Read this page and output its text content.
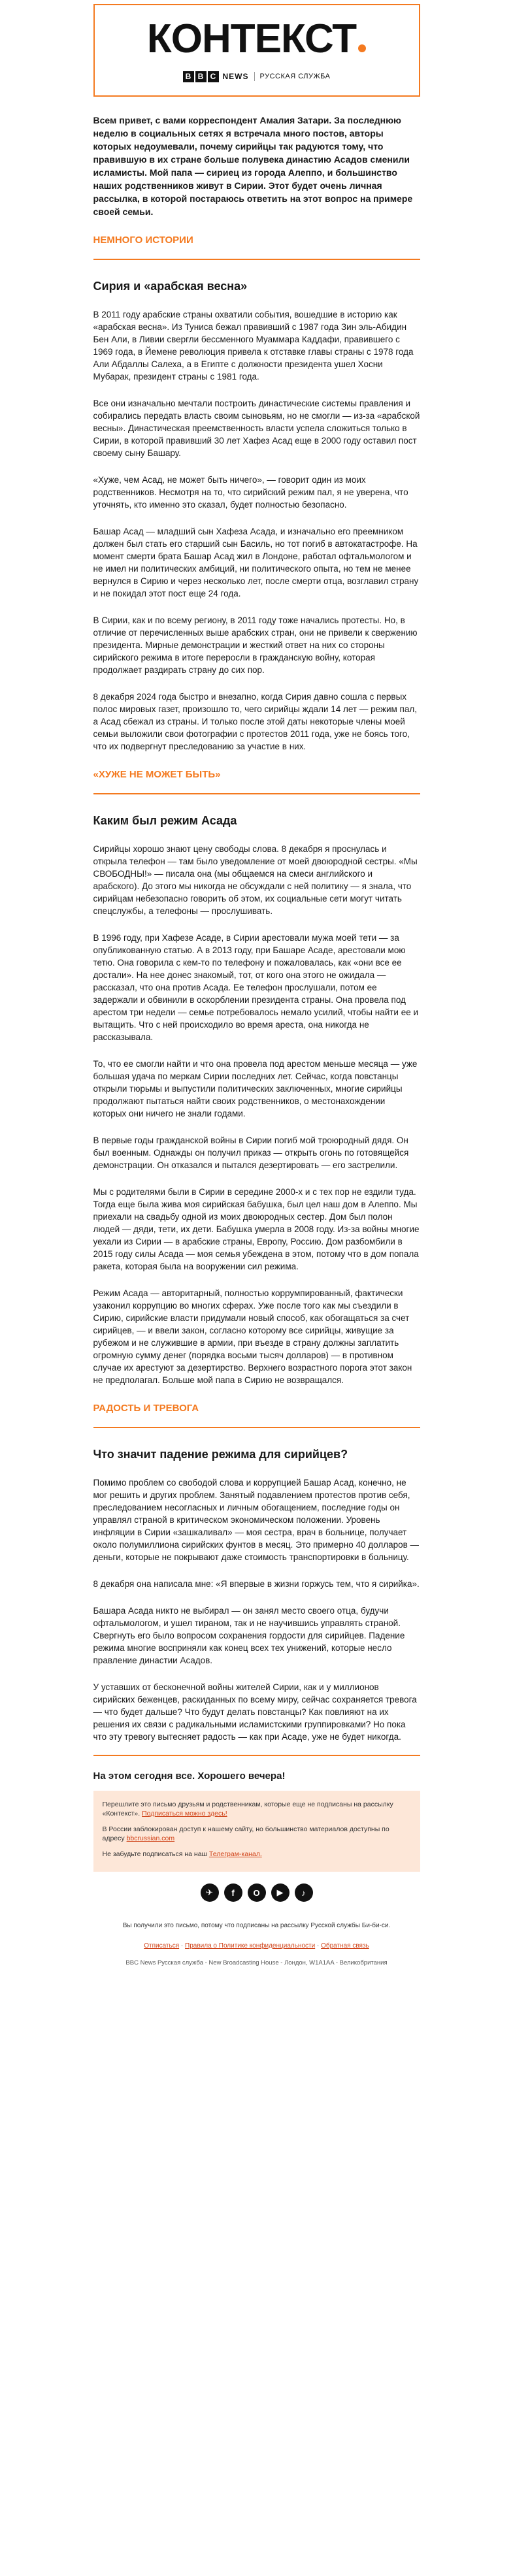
КОНТЕКСТ
B B C NEWS РУССКАЯ СЛУЖБА
Всем привет, с вами корреспондент Амалия Затари. За последнюю неделю в социальных сетях я встречала много постов, авторы которых недоумевали, почему сирийцы так радуются тому, что правившую в их стране больше полувека династию Асадов сменили исламисты. Мой папа — сириец из города Алеппо, и большинство наших родственников живут в Сирии. Этот будет очень личная рассылка, в которой постараюсь ответить на этот вопрос на примере своей семьи.
НЕМНОГО ИСТОРИИ
Сирия и «арабская весна»

В 2011 году арабские страны охватили события, вошедшие в историю как «арабская весна». Из Туниса бежал правивший с 1987 года Зин эль-Абидин Бен Али, в Ливии свергли бессменного Муаммара Каддафи, правившего с 1969 года, в Йемене революция привела к отставке главы страны с 1978 года Али Абдаллы Салеха, а в Египте с должности президента ушел Хосни Мубарак, президент страны с 1981 года.

Все они изначально мечтали построить династические системы правления и собирались передать власть своим сыновьям, но не смогли — из-за «арабской весны». Династическая преемственность власти успела сложиться только в Сирии, в которой правивший 30 лет Хафез Асад еще в 2000 году оставил пост своему сыну Башару.

«Хуже, чем Асад, не может быть ничего», — говорит один из моих родственников. Несмотря на то, что сирийский режим пал, я не уверена, что уточнять, кто именно это сказал, будет полностью безопасно.

Башар Асад — младший сын Хафеза Асада, и изначально его преемником должен был стать его старший сын Басиль, но тот погиб в автокатастрофе. На момент смерти брата Башар Асад жил в Лондоне, работал офтальмологом и не имел ни политических амбиций, ни политического опыта, но тем не менее вернулся в Сирию и через несколько лет, после смерти отца, возглавил страну и не покидал этот пост еще 24 года.

В Сирии, как и по всему региону, в 2011 году тоже начались протесты. Но, в отличие от перечисленных выше арабских стран, они не привели к свержению президента. Мирные демонстрации и жесткий ответ на них со стороны сирийского режима в итоге переросли в гражданскую войну, которая продолжает раздирать страну до сих пор.

8 декабря 2024 года быстро и внезапно, когда Сирия давно сошла с первых полос мировых газет, произошло то, чего сирийцы ждали 14 лет — режим пал, а Асад сбежал из страны. И только после этой даты некоторые члены моей семьи выложили свои фотографии с протестов 2011 года, уже не боясь того, что их подвергнут преследованию за участие в них.

«ХУЖЕ НЕ МОЖЕТ БЫТЬ»
Каким был режим Асада

Сирийцы хорошо знают цену свободы слова. 8 декабря я проснулась и открыла телефон — там было уведомление от моей двоюродной сестры. «Мы СВОБОДНЫ!» — писала она (мы общаемся на смеси английского и арабского). До этого мы никогда не обсуждали с ней политику — я знала, что сирийцам небезопасно говорить об этом, их социальные сети могут читать спецслужбы, а телефоны — прослушивать.

В 1996 году, при Хафезе Асаде, в Сирии арестовали мужа моей тети — за опубликованную статью. А в 2013 году, при Башаре Асаде, арестовали мою тетю. Она говорила с кем-то по телефону и пожаловалась, как «они все ее достали». На нее донес знакомый, тот, от кого она этого не ожидала — рассказал, что она против Асада. Ее телефон прослушали, потом ее задержали и обвинили в оскорблении президента страны. Она провела под арестом три недели — семье потребовалось немало усилий, чтобы найти ее и вытащить. Что с ней происходило во время ареста, она никогда не рассказывала.

То, что ее смогли найти и что она провела под арестом меньше месяца — уже большая удача по меркам Сирии последних лет. Сейчас, когда повстанцы открыли тюрьмы и выпустили политических заключенных, многие сирийцы продолжают пытаться найти своих родственников, о местонахождении которых они ничего не знали годами.

В первые годы гражданской войны в Сирии погиб мой троюродный дядя. Он был военным. Однажды он получил приказ — открыть огонь по готовящейся демонстрации. Он отказался и пытался дезертировать — его застрелили.

Мы с родителями были в Сирии в середине 2000-х и с тех пор не ездили туда. Тогда еще была жива моя сирийская бабушка, был цел наш дом в Алеппо. Мы приехали на свадьбу одной из моих двоюродных сестер. Дом был полон людей — дяди, тети, их дети. Бабушка умерла в 2008 году. Из-за войны многие уехали из Сирии — в арабские страны, Европу, Россию. Дом разбомбили в 2015 году силы Асада — моя семья убеждена в этом, потому что в дом попала ракета, которая была на вооружении сил режима.

Режим Асада — авторитарный, полностью коррумпированный, фактически узаконил коррупцию во многих сферах. Уже после того как мы съездили в Сирию, сирийские власти придумали новый способ, как обогащаться за счет сирийцев, — и ввели закон, согласно которому все сирийцы, живущие за рубежом и не служившие в армии, при въезде в страну должны заплатить огромную сумму денег (порядка восьми тысяч долларов) — в противном случае их арестуют за дезертирство. Верхнего возрастного порога этот закон не предполагал. Больше мой папа в Сирию не возвращался.

РАДОСТЬ И ТРЕВОГА
Что значит падение режима для сирийцев?

Помимо проблем со свободой слова и коррупцией Башар Асад, конечно, не мог решить и других проблем. Занятый подавлением протестов против себя, преследованием несогласных и личным обогащением, последние годы он управлял страной в критическом экономическом положении. Уровень инфляции в Сирии «зашкаливал» — моя сестра, врач в больнице, получает около полумиллиона сирийских фунтов в месяц. Это примерно 40 долларов — деньги, которые не покрывают даже стоимость транспортировки в больницу.

8 декабря она написала мне: «Я впервые в жизни горжусь тем, что я сирийка».

Башара Асада никто не выбирал — он занял место своего отца, будучи офтальмологом, и ушел тираном, так и не научившись управлять страной. Свергнуть его было вопросом сохранения гордости для сирийцев. Падение режима многие восприняли как конец всех тех унижений, которые несло правление династии Асадов.

У уставших от бесконечной войны жителей Сирии, как и у миллионов сирийских беженцев, раскиданных по всему миру, сейчас сохраняется тревога — что будет дальше? Что будут делать повстанцы? Как повлияют на их решения их связи с радикальными исламистскими группировками? Но пока что эту тревогу вытесняет радость — как при Асаде, уже не будет никогда.

На этом сегодня все. Хорошего вечера!

Перешлите это письмо друзьям и родственникам, которые еще не подписаны на рассылку «Контекст». Подписаться можно здесь!

В России заблокирован доступ к нашему сайту, но большинство материалов доступны по адресу bbcrussian.com

Не забудьте подписаться на наш Телеграм-канал.

✈	f	О	▶	♪
Вы получили это письмо, потому что подписаны на рассылку Русской службы Би-би-си.
Отписаться · Правила о Политике конфиденциальности · Обратная связь
BBC News Русская служба - New Broadcasting House - Лондон, W1A1AA - Великобритания
